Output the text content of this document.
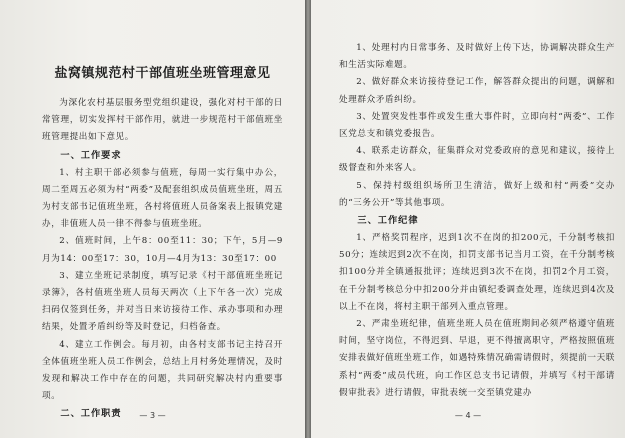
盐窝镇规范村干部值班坐班管理意见

为深化农村基层服务型党组织建设，强化对村干部的日常管理，切实发挥村干部作用，就进一步规范村干部值班坐班管理提出如下意见。

一、工作要求

1、村主职干部必须参与值班，每周一实行集中办公，周二至周五必须为村“两委”及配套组织成员值班坐班，周五为村支部书记值班坐班，各村将值班人员备案表上报镇党建办，非值班人员一律不得参与值班坐班。

2、值班时间，上午8：00至11：30；下午，5月—9月为14：00至17：30，10月—4月为13：30至17：00

3、建立坐班记录制度，填写记录《村干部值班坐班记录簿》，各村值班坐班人员每天两次（上下午各一次）完成扫码仅签到任务，并对当日来访接待工作、承办事项和办理结果，处置矛盾纠纷等及时登记，归档备查。

4、建立工作例会。每月初，由各村支部书记主持召开全体值班坐班人员工作例会，总结上月村务处理情况，及时发现和解决工作中存在的问题，共同研究解决村内重要事项。

二、工作职责	— 3 —

1、处理村内日常事务、及时做好上传下达，协调解决群众生产和生活实际难题。

2、做好群众来访接待登记工作，解答群众提出的问题，调解和处理群众矛盾纠纷。

3、处置突发性事件或发生重大事件时，立即向村“两委”、工作区党总支和镇党委报告。

4、联系走访群众，征集群众对党委政府的意见和建议，接待上级督查和外来客人。

5、保持村级组织场所卫生清洁，做好上级和村“两委”交办的“三务公开”等其他事项。

三、工作纪律

1、严格奖罚程序，迟到1次不在岗的扣200元，千分制考核扣50分；连续迟到2次不在岗，扣罚支部书记当月工资，在千分制考核扣100分并全镇通报批评；连续迟到3次不在岗，扣罚2个月工资，在千分制考核总分中扣200分并由镇纪委调查处理，连续迟到4次及以上不在岗，将村主职干部列入重点管理。

2、严肃坐班纪律，值班坐班人员在值班期间必须严格遵守值班时间，坚守岗位，不得迟到、早退，更不得擅离职守，严格按照值班安排表做好值班坐班工作，如遇特殊情况确需请假时，须提前一天联系村“两委”成员代班，向工作区总支书记请假，并填写《村干部请假审批表》进行请假，审批表统一交至镇党建办

— 4 —
